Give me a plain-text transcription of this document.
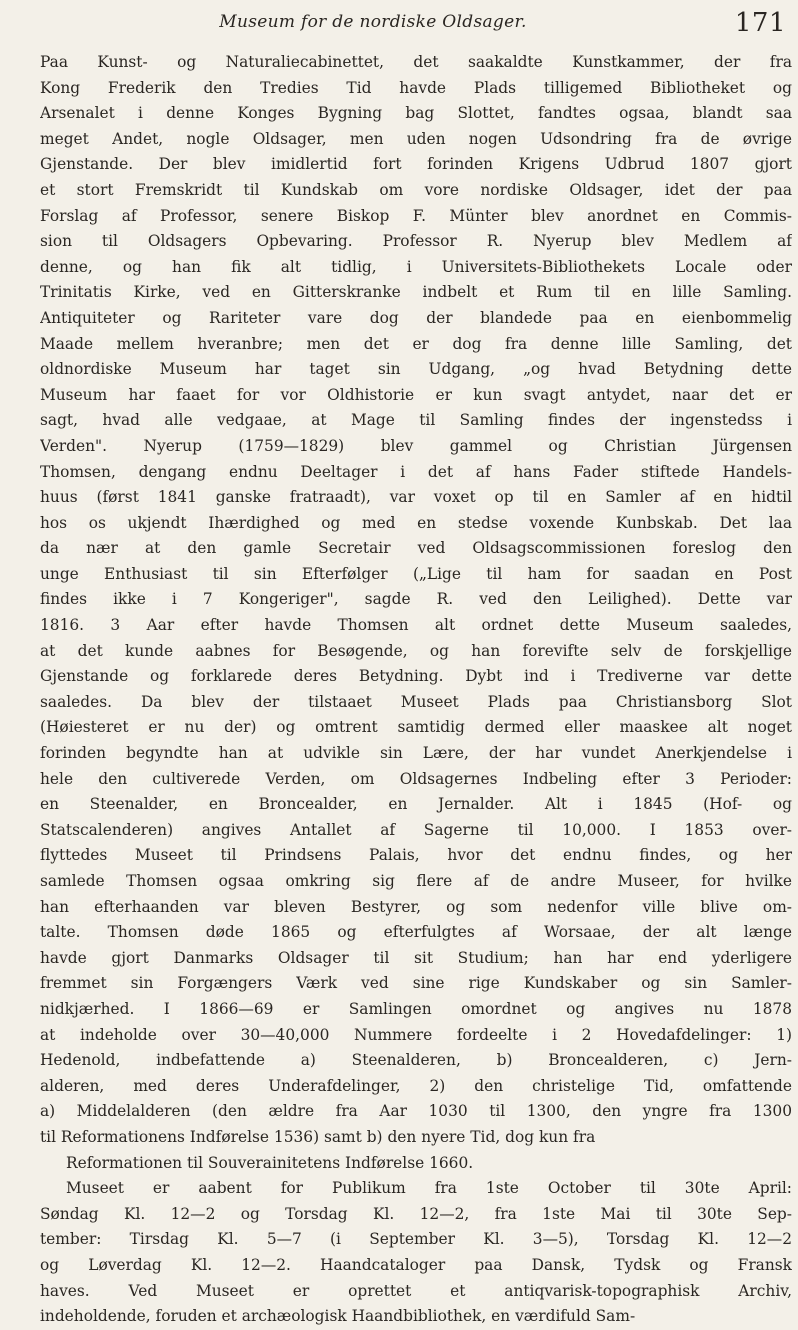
Museum for de nordiske Oldsager.	171
Paa Kunst- og Naturaliecabinettet, det saakaldte Kunstkammer, der fra
Kong Frederik den Tredies Tid havde Plads tilligemed Bibliotheket og
Arsenalet i denne Konges Bygning bag Slottet, fandtes ogsaa, blandt saa
meget Andet, nogle Oldsager, men uden nogen Udsondring fra de øvrige
Gjenstande. Der blev imidlertid fort forinden Krigens Udbrud 1807 gjort
et stort Fremskridt til Kundskab om vore nordiske Oldsager, idet der paa
Forslag af Professor, senere Biskop F. Münter blev anordnet en Commis-
sion til Oldsagers Opbevaring. Professor R. Nyerup blev Medlem af
denne, og han fik alt tidlig, i Universitets-Bibliothekets Locale oder
Trinitatis Kirke, ved en Gitterskranke indbelt et Rum til en lille Samling.
Antiquiteter og Rariteter vare dog der blandede paa en eienbommelig
Maade mellem hveranbre; men det er dog fra denne lille Samling, det
oldnordiske Museum har taget sin Udgang, „og hvad Betydning dette
Museum har faaet for vor Oldhistorie er kun svagt antydet, naar det er
sagt, hvad alle vedgaae, at Mage til Samling findes der ingenstedss i
Verden". Nyerup (1759—1829) blev gammel og Christian Jürgensen
Thomsen, dengang endnu Deeltager i det af hans Fader stiftede Handels-
huus (først 1841 ganske fratraadt), var voxet op til en Samler af en hidtil
hos os ukjendt Ihærdighed og med en stedse voxende Kunbskab. Det laa
da nær at den gamle Secretair ved Oldsagscommissionen foreslog den
unge Enthusiast til sin Efterfølger („Lige til ham for saadan en Post
findes ikke i 7 Kongeriger", sagde R. ved den Leilighed). Dette var
1816. 3 Aar efter havde Thomsen alt ordnet dette Museum saaledes,
at det kunde aabnes for Besøgende, og han forevifte selv de forskjellige
Gjenstande og forklarede deres Betydning. Dybt ind i Trediverne var dette
saaledes. Da blev der tilstaaet Museet Plads paa Christiansborg Slot
(Høiesteret er nu der) og omtrent samtidig dermed eller maaskee alt noget
forinden begyndte han at udvikle sin Lære, der har vundet Anerkjendelse i
hele den cultiverede Verden, om Oldsagernes Indbeling efter 3 Perioder:
en Steenalder, en Broncealder, en Jernalder. Alt i 1845 (Hof- og
Statscalenderen) angives Antallet af Sagerne til 10,000. I 1853 over-
flyttedes Museet til Prindsens Palais, hvor det endnu findes, og her
samlede Thomsen ogsaa omkring sig flere af de andre Museer, for hvilke
han efterhaanden var bleven Bestyrer, og som nedenfor ville blive om-
talte. Thomsen døde 1865 og efterfulgtes af Worsaae, der alt længe
havde gjort Danmarks Oldsager til sit Studium; han har end yderligere
fremmet sin Forgængers Værk ved sine rige Kundskaber og sin Samler-
nidkjærhed. I 1866—69 er Samlingen omordnet og angives nu 1878
at indeholde over 30—40,000 Nummere fordeelte i 2 Hovedafdelinger: 1)
Hedenold, indbefattende a) Steenalderen, b) Broncealderen, c) Jern-
alderen, med deres Underafdelinger, 2) den christelige Tid, omfattende
a) Middelalderen (den ældre fra Aar 1030 til 1300, den yngre fra 1300
til Reformationens Indførelse 1536) samt b) den nyere Tid, dog kun fra
Reformationen til Souverainitetens Indførelse 1660.
Museet er aabent for Publikum fra 1ste October til 30te April:
Søndag Kl. 12—2 og Torsdag Kl. 12—2, fra 1ste Mai til 30te Sep-
tember: Tirsdag Kl. 5—7 (i September Kl. 3—5), Torsdag Kl. 12—2
og Løverdag Kl. 12—2. Haandcataloger paa Dansk, Tydsk og Fransk
haves. Ved Museet er oprettet et antiqvarisk-topographisk Archiv,
indeholdende, foruden et archæologisk Haandbibliothek, en værdifuld Sam-
